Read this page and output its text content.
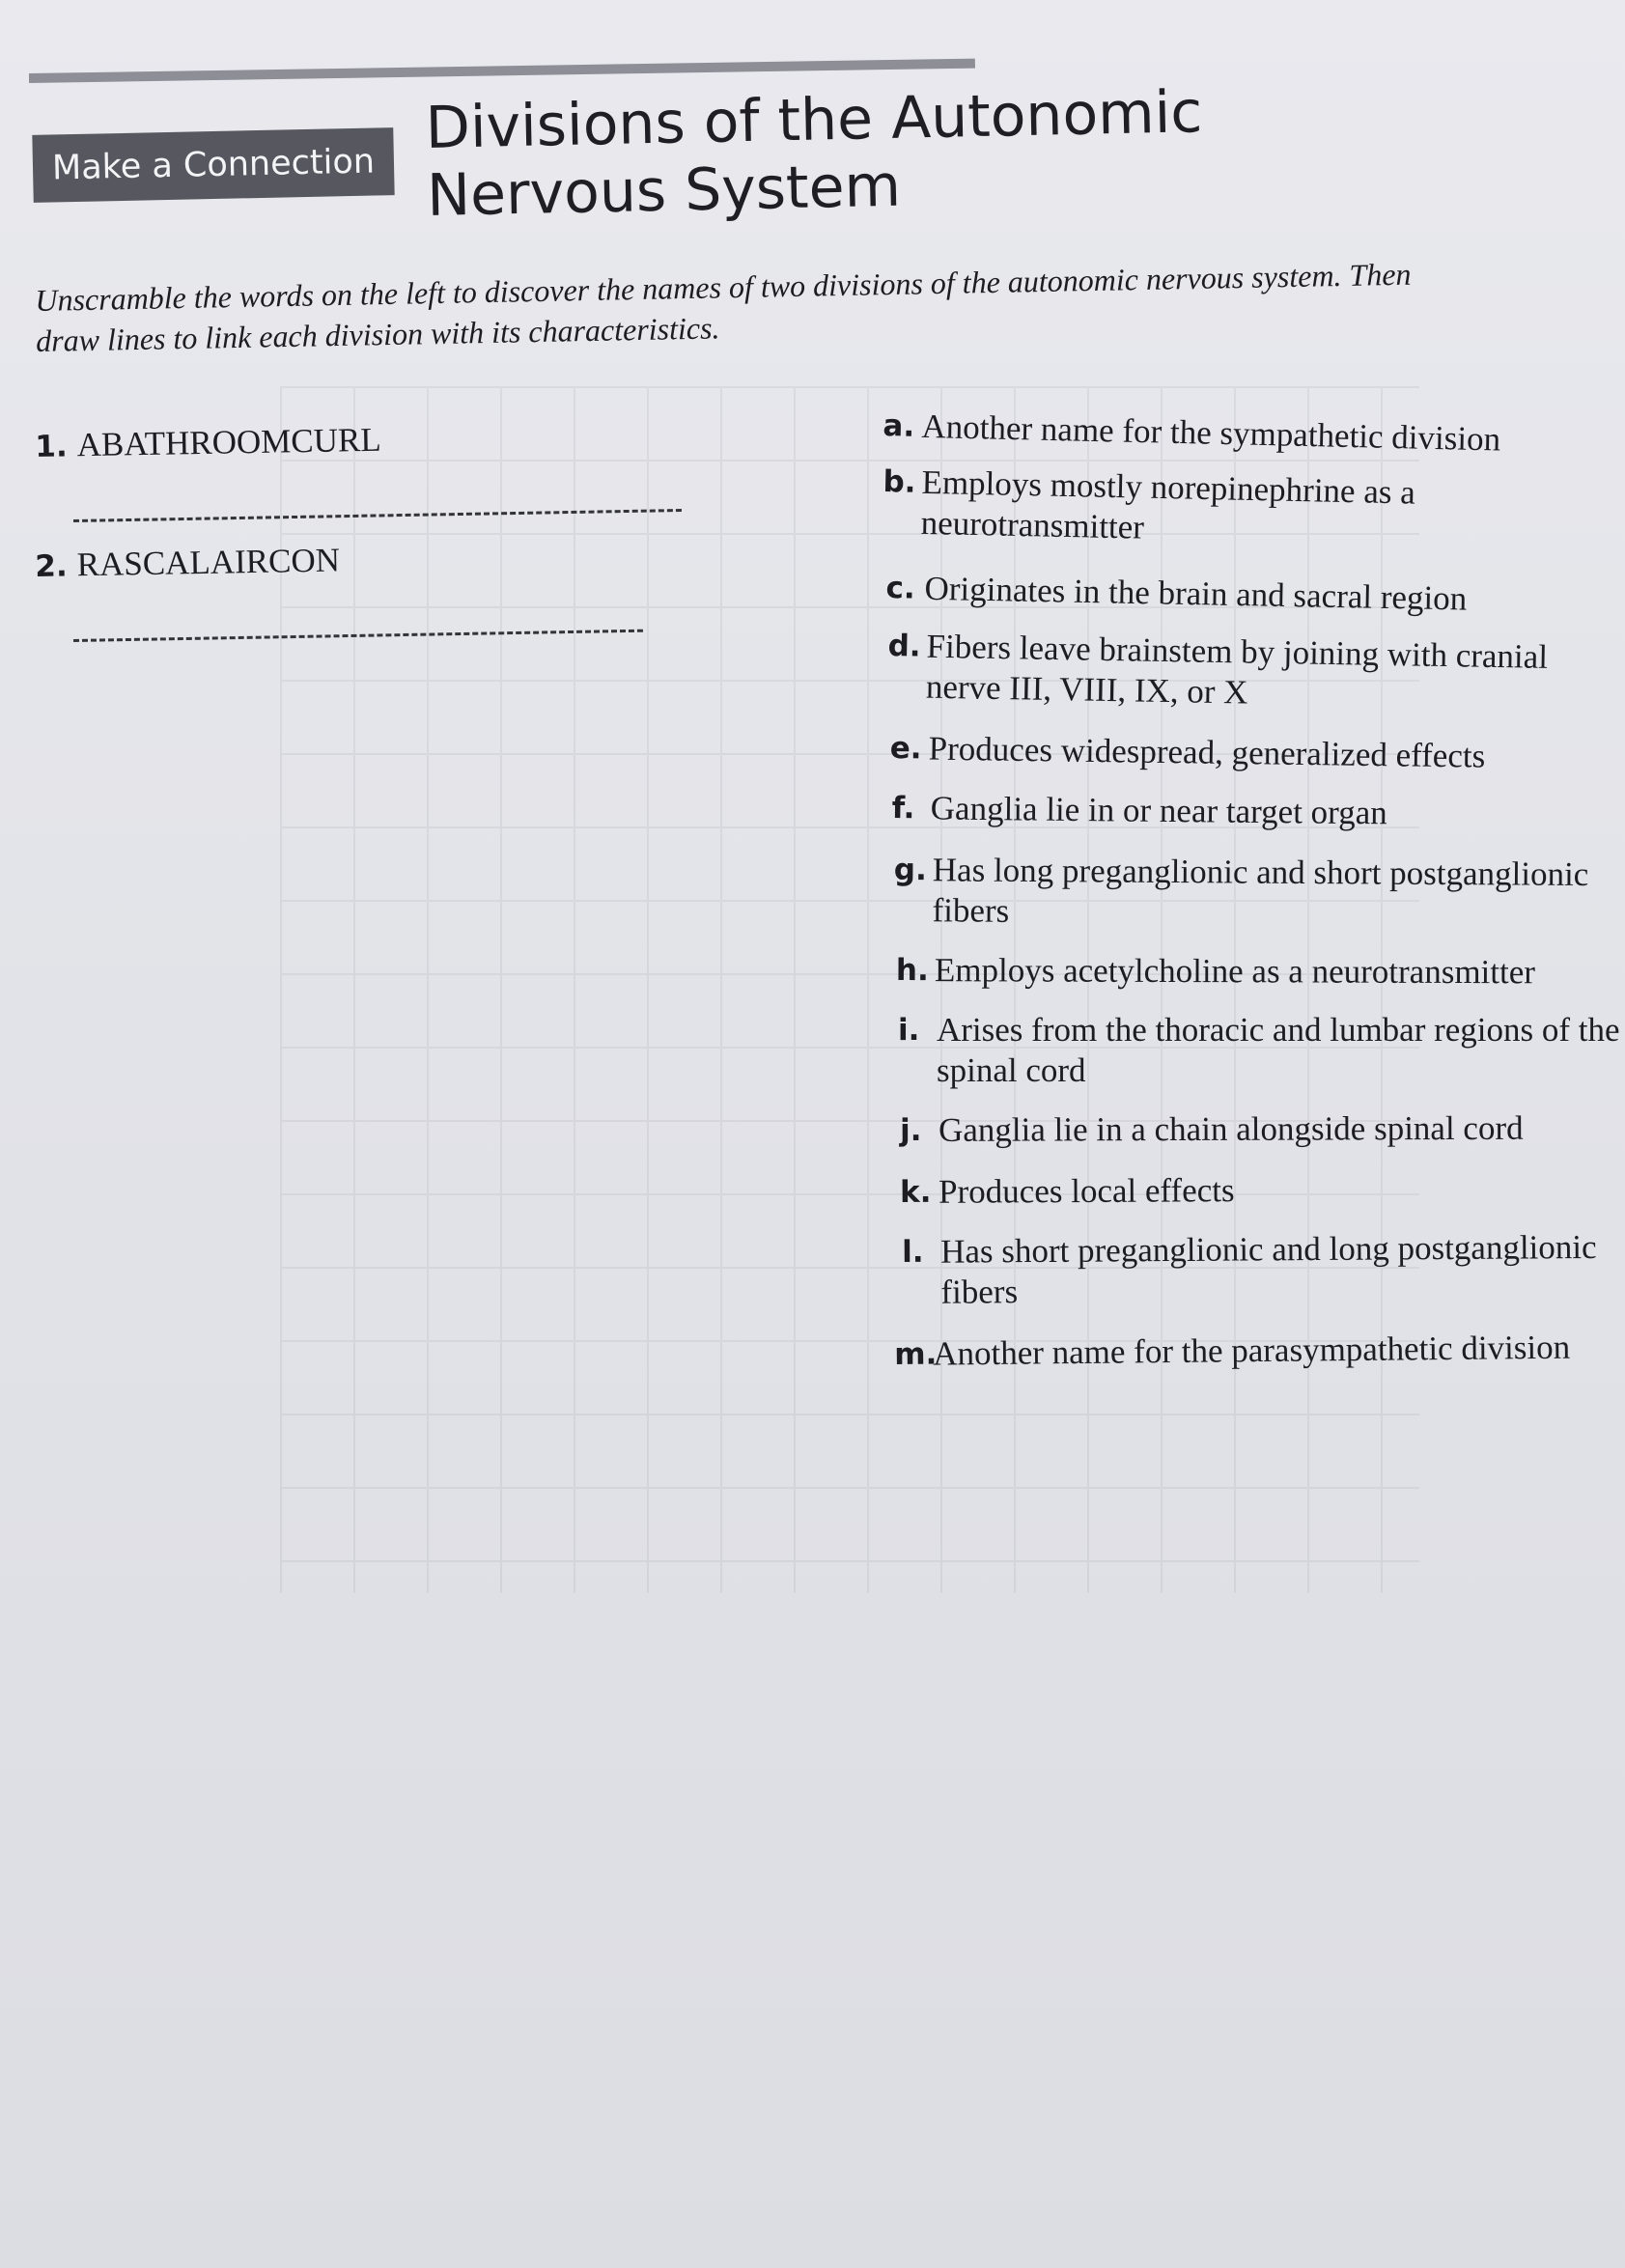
Make a Connection
Divisions of the Autonomic
Nervous System
Unscramble the words on the left to discover the names of two divisions of the autonomic nervous system. Then
draw lines to link each division with its characteristics.
1. ABATHROOMCURL
2. RASCALAIRCON
a. Another name for the sympathetic division
b. Employs mostly norepinephrine as a
neurotransmitter
c. Originates in the brain and sacral region
d. Fibers leave brainstem by joining with cranial
nerve III, VIII, IX, or X
e. Produces widespread, generalized effects
f. Ganglia lie in or near target organ
g. Has long preganglionic and short postganglionic
fibers
h. Employs acetylcholine as a neurotransmitter
i. Arises from the thoracic and lumbar regions of the
spinal cord
j. Ganglia lie in a chain alongside spinal cord
k. Produces local effects
l. Has short preganglionic and long postganglionic
fibers
m.
Another name for the parasympathetic division
